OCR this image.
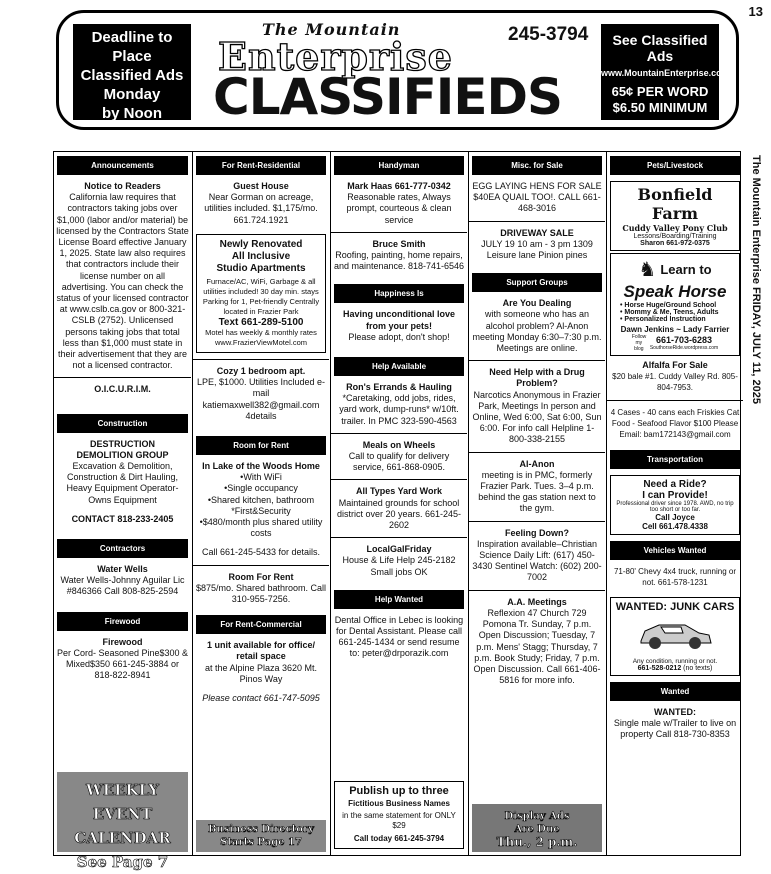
13
Deadline to Place
Classified Ads
Monday
by Noon
The Mountain
Enterprise
CLASSIFIEDS
245-3794	See Classified Ads
www.MountainEnterprise.com
65¢ PER WORD
$6.50 MINIMUM
The Mountain Enterprise FRIDAY, JULY 11, 2025
Announcements
Notice to Readers
California law requires that contractors taking jobs over $1,000 (labor and/or material) be licensed by the Contractors State License Board effective January 1, 2025. State law also requires that contractors include their license number on all advertising. You can check the status of your licensed contractor at www.cslb.ca.gov or 800-321-CSLB (2752). Unlicensed persons taking jobs that total less than $1,000 must state in their advertisement that they are not a licensed contractor.
O.I.C.U.R.I.M.
Construction
DESTRUCTION
DEMOLITION GROUP
Excavation & Demolition, Construction & Dirt Hauling, Heavy Equipment Operator-Owns Equipment
CONTACT 818-233-2405
Contractors
Water Wells
Water Wells-Johnny Aguilar Lic #846366 Call 808-825-2594
Firewood
Firewood
Per Cord- Seasoned Pine$300 & Mixed$350 661-245-3884 or 818-822-8941
WEEKLY EVENT
CALENDAR
See Page 7
For Rent-Residential
Guest House
Near Gorman on acreage, utilities included. $1,175/mo. 661.724.1921
Newly Renovated
All Inclusive
Studio Apartments
Furnace/AC, WiFi, Garbage & all utilities included! 30 day min. stays Parking for 1, Pet-friendly Centrally located in Frazier Park
Text 661-289-5100
Motel has weekly & monthly rates www.FrazierViewMotel.com
Cozy 1 bedroom apt.
LPE, $1000. Utilities Included e-mail katiemaxwell382@gmail.com 4details
Room for Rent
In Lake of the Woods Home
•With WiFi
•Single occupancy
•Shared kitchen, bathroom
*First&Security
•$480/month plus shared utility costs
Call 661-245-5433 for details.
Room For Rent
$875/mo. Shared bathroom. Call 310-955-7256.
For Rent-Commercial
1 unit available for office/ retail space
at the Alpine Plaza 3620 Mt. Pinos Way
Please contact 661-747-5095
Business Directory
Starts Page 17
Handyman
Mark Haas 661-777-0342
Reasonable rates, Always prompt, courteous & clean service
Bruce Smith
Roofing, painting, home repairs, and maintenance. 818-741-6546
Happiness Is
Having unconditional love from your pets!
Please adopt, don't shop!
Help Available
Ron's Errands & Hauling
*Caretaking, odd jobs, rides, yard work, dump-runs* w/10ft. trailer. In PMC 323-590-4563
Meals on Wheels
Call to qualify for delivery service, 661-868-0905.
All Types Yard Work
Maintained grounds for school district over 20 years. 661-245-2602
LocalGalFriday
House & Life Help 245-2182 Small jobs OK
Help Wanted
Dental Office in Lebec is looking for Dental Assistant. Please call 661-245-1434 or send resume to: peter@drporazik.com
Publish up to three
Fictitious Business Names
in the same statement for ONLY $29
Call today 661-245-3794
Misc. for Sale
EGG LAYING HENS FOR SALE $40EA QUAIL TOO!. CALL 661-468-3016
DRIVEWAY SALE
JULY 19 10 am - 3 pm 1309 Leisure lane Pinion pines
Support Groups
Are You Dealing
with someone who has an alcohol problem? Al-Anon meeting Monday 6:30–7:30 p.m. Meetings are online.
Need Help with a Drug Problem?
Narcotics Anonymous in Frazier Park, Meetings In person and Online, Wed 6:00, Sat 6:00, Sun 6:00. For info call Helpline 1-800-338-2155
Al-Anon
meeting is in PMC, formerly Frazier Park. Tues. 3–4 p.m. behind the gas station next to the gym.
Feeling Down?
Inspiration available–Christian Science Daily Lift: (617) 450-3430 Sentinel Watch: (602) 200-7002
A.A. Meetings
Reflexion 47 Church 729 Pomona Tr. Sunday, 7 p.m. Open Discussion; Tuesday, 7 p.m. Mens' Stagg; Thursday, 7 p.m. Book Study; Friday, 7 p.m. Open Discussion. Call 661-406-5816 for more info.
Display Ads
Are Due
Thu., 2 p.m.
Pets/Livestock
Bonfield Farm
Cuddy Valley Pony Club
Lessons/Boarding/Training
Sharon 661-972-0375
♞ Learn to
Speak Horse
• Horse Huge/Ground School
• Mommy & Me, Teens, Adults
• Personalized Instruction
Dawn Jenkins ~ Lady Farrier
Follow my blog
661-703-6283
SouthorseRide.wordpress.com
Alfalfa For Sale
$20 bale #1. Cuddy Valley Rd. 805-804-7953.
4 Cases - 40 cans each Friskies Cat Food - Seafood Flavor $100 Please Email: bam172143@gmail.com
Transportation
Need a Ride?
I can Provide!
Professional driver since 1978. AWD, no trip too short or too far.
Call Joyce
Cell 661.478.4338
Vehicles Wanted
71-80' Chevy 4x4 truck, running or not. 661-578-1231
WANTED: JUNK CARS
Any condition, running or not.
661-528-0212 (no texts)
Wanted
WANTED:
Single male w/Trailer to live on property Call 818-730-8353
